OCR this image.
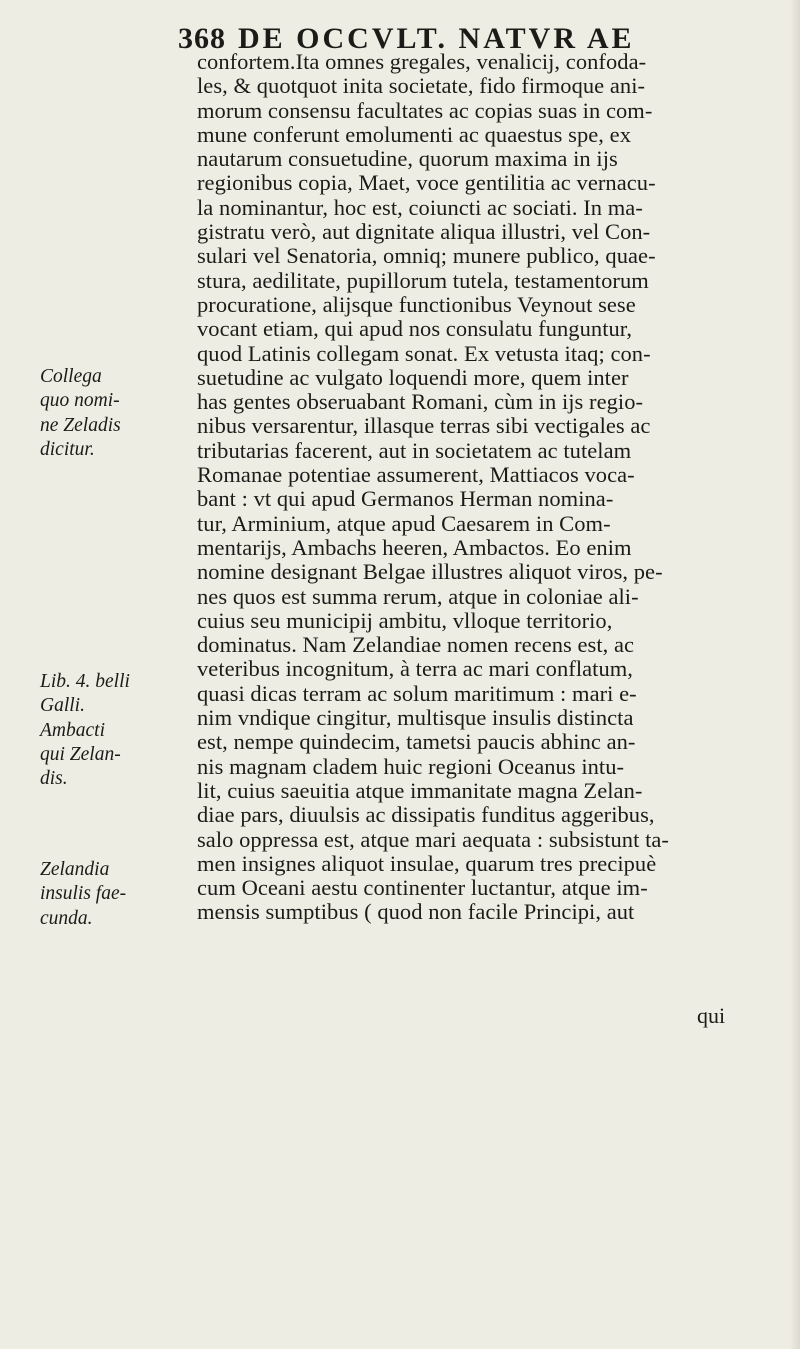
368 DE OCCVLT. NATVR AE
confortem.Ita omnes gregales, venalicij, confoda-
les, & quotquot inita societate, fido firmoque ani-
morum consensu facultates ac copias suas in com-
mune conferunt emolumenti ac quaestus spe, ex
nautarum consuetudine, quorum maxima in ijs
regionibus copia, Maet, voce gentilitia ac vernacu-
la nominantur, hoc est, coiuncti ac sociati. In ma-
gistratu verò, aut dignitate aliqua illustri, vel Con-
sulari vel Senatoria, omniq; munere publico, quae-
stura, aedilitate, pupillorum tutela, testamentorum
procuratione, alijsque functionibus Veynout sese
vocant etiam, qui apud nos consulatu funguntur,
quod Latinis collegam sonat. Ex vetusta itaq; con-
suetudine ac vulgato loquendi more, quem inter
has gentes obseruabant Romani, cùm in ijs regio-
nibus versarentur, illasque terras sibi vectigales ac
tributarias facerent, aut in societatem ac tutelam
Romanae potentiae assumerent, Mattiacos voca-
bant : vt qui apud Germanos Herman nomina-
tur, Arminium, atque apud Caesarem in Com-
mentarijs, Ambachs heeren, Ambactos. Eo enim
nomine designant Belgae illustres aliquot viros, pe-
nes quos est summa rerum, atque in coloniae ali-
cuius seu municipij ambitu, vlloque territorio,
dominatus. Nam Zelandiae nomen recens est, ac
veteribus incognitum, à terra ac mari conflatum,
quasi dicas terram ac solum maritimum : mari e-
nim vndique cingitur, multisque insulis distincta
est, nempe quindecim, tametsi paucis abhinc an-
nis magnam cladem huic regioni Oceanus intu-
lit, cuius saeuitia atque immanitate magna Zelan-
diae pars, diuulsis ac dissipatis funditus aggeribus,
salo oppressa est, atque mari aequata : subsistunt ta-
men insignes aliquot insulae, quarum tres precipuè
cum Oceani aestu continenter luctantur, atque im-
mensis sumptibus ( quod non facile Principi, aut
Collega
quo nomi-
ne Zeladis
dicitur.
Lib. 4. belli
Galli.
Ambacti
qui Zelan-
dis.
Zelandia
insulis fae-
cunda.
qui
